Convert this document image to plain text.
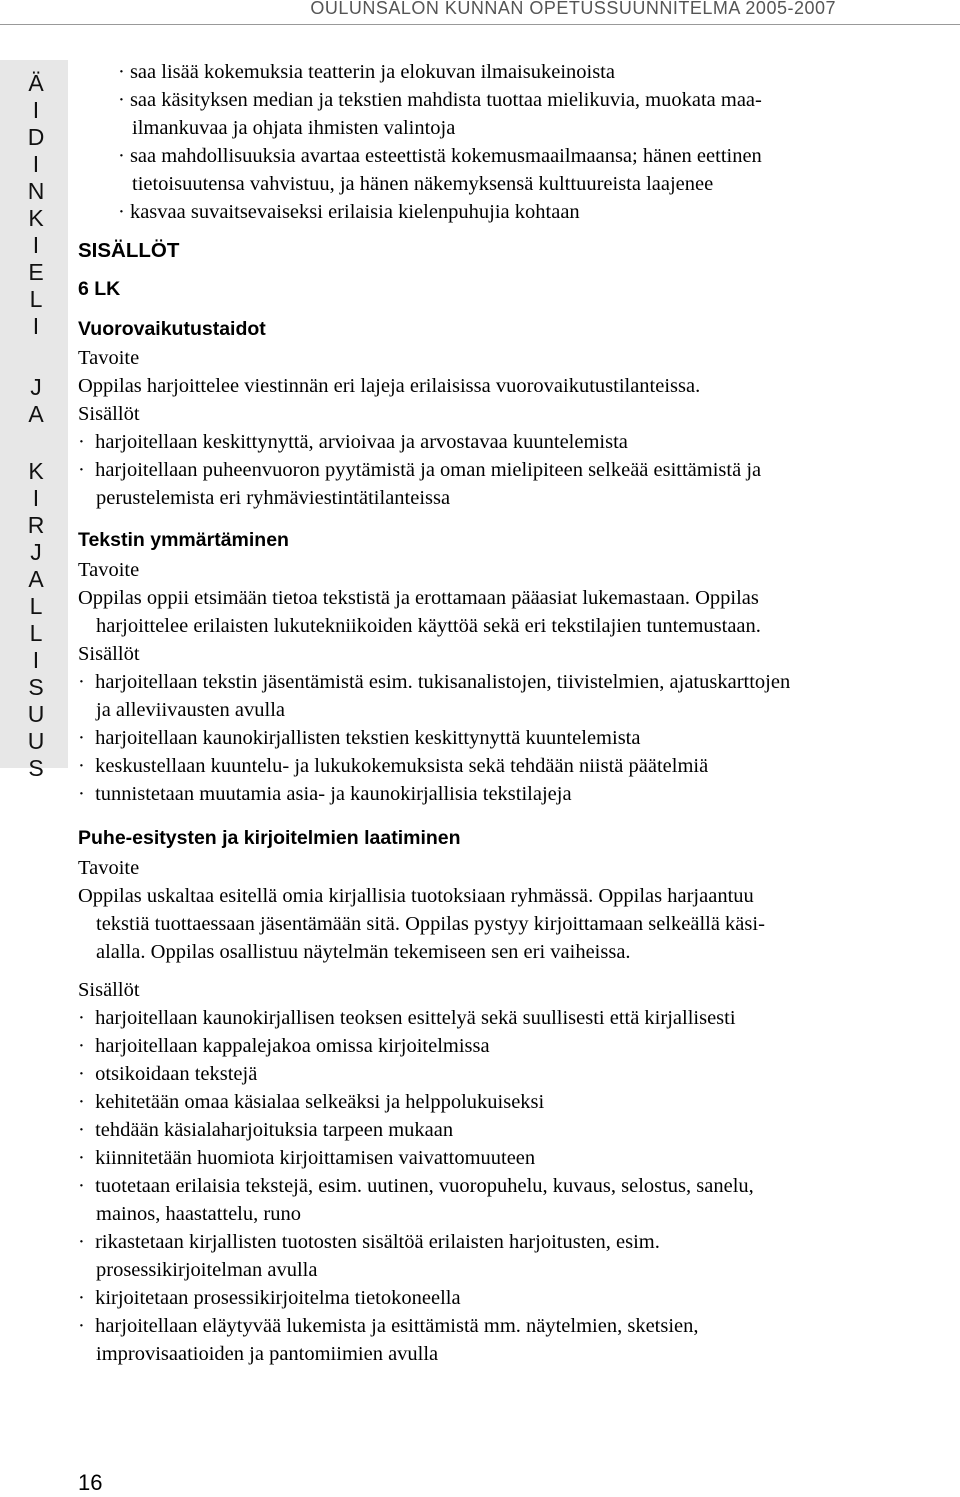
OULUNSALON KUNNAN OPETUSSUUNNITELMA 2005-2007
Ä
I
D
I
N
K
I
E
L
I
J
A
K
I
R
J
A
L
L
I
S
U
U
S
· saa lisää kokemuksia teatterin ja elokuvan ilmaisukeinoista
· saa käsityksen median ja tekstien mahdista tuottaa mielikuvia, muokata maa-
ilmankuvaa ja ohjata ihmisten valintoja
· saa mahdollisuuksia avartaa esteettistä kokemusmaailmaansa; hänen eettinen
tietoisuutensa vahvistuu, ja hänen näkemyksensä kulttuureista laajenee
· kasvaa suvaitsevaiseksi erilaisia kielenpuhujia kohtaan
SISÄLLÖT
6 LK
Vuorovaikutustaidot
Tavoite
Oppilas harjoittelee viestinnän eri lajeja erilaisissa vuorovaikutustilanteissa.
Sisällöt
· harjoitellaan keskittynyttä, arvioivaa ja arvostavaa kuuntelemista
· harjoitellaan puheenvuoron pyytämistä ja oman mielipiteen selkeää esittämistä ja
perustelemista eri ryhmäviestintätilanteissa
Tekstin ymmärtäminen
Tavoite
Oppilas oppii etsimään tietoa tekstistä ja erottamaan pääasiat lukemastaan. Oppilas
harjoittelee erilaisten lukutekniikoiden käyttöä sekä eri tekstilajien tuntemustaan.
Sisällöt
· harjoitellaan tekstin jäsentämistä esim. tukisanalistojen, tiivistelmien, ajatuskarttojen
ja alleviivausten avulla
· harjoitellaan kaunokirjallisten tekstien keskittynyttä kuuntelemista
· keskustellaan kuuntelu- ja lukukokemuksista sekä tehdään niistä päätelmiä
· tunnistetaan muutamia asia- ja kaunokirjallisia tekstilajeja
Puhe-esitysten ja kirjoitelmien laatiminen
Tavoite
Oppilas uskaltaa esitellä omia kirjallisia tuotoksiaan ryhmässä. Oppilas harjaantuu
tekstiä tuottaessaan jäsentämään sitä. Oppilas pystyy kirjoittamaan selkeällä käsi-
alalla. Oppilas osallistuu näytelmän tekemiseen sen eri vaiheissa.
Sisällöt
· harjoitellaan kaunokirjallisen teoksen esittelyä sekä suullisesti että kirjallisesti
· harjoitellaan kappalejakoa omissa kirjoitelmissa
· otsikoidaan tekstejä
· kehitetään omaa käsialaa selkeäksi ja helppolukuiseksi
· tehdään käsialaharjoituksia tarpeen mukaan
· kiinnitetään huomiota kirjoittamisen vaivattomuuteen
· tuotetaan erilaisia tekstejä, esim. uutinen, vuoropuhelu, kuvaus, selostus, sanelu,
mainos, haastattelu, runo
· rikastetaan kirjallisten tuotosten sisältöä erilaisten harjoitusten, esim.
prosessikirjoitelman avulla
· kirjoitetaan prosessikirjoitelma tietokoneella
· harjoitellaan eläytyvää lukemista ja esittämistä mm. näytelmien, sketsien,
improvisaatioiden ja pantomiimien avulla
16
